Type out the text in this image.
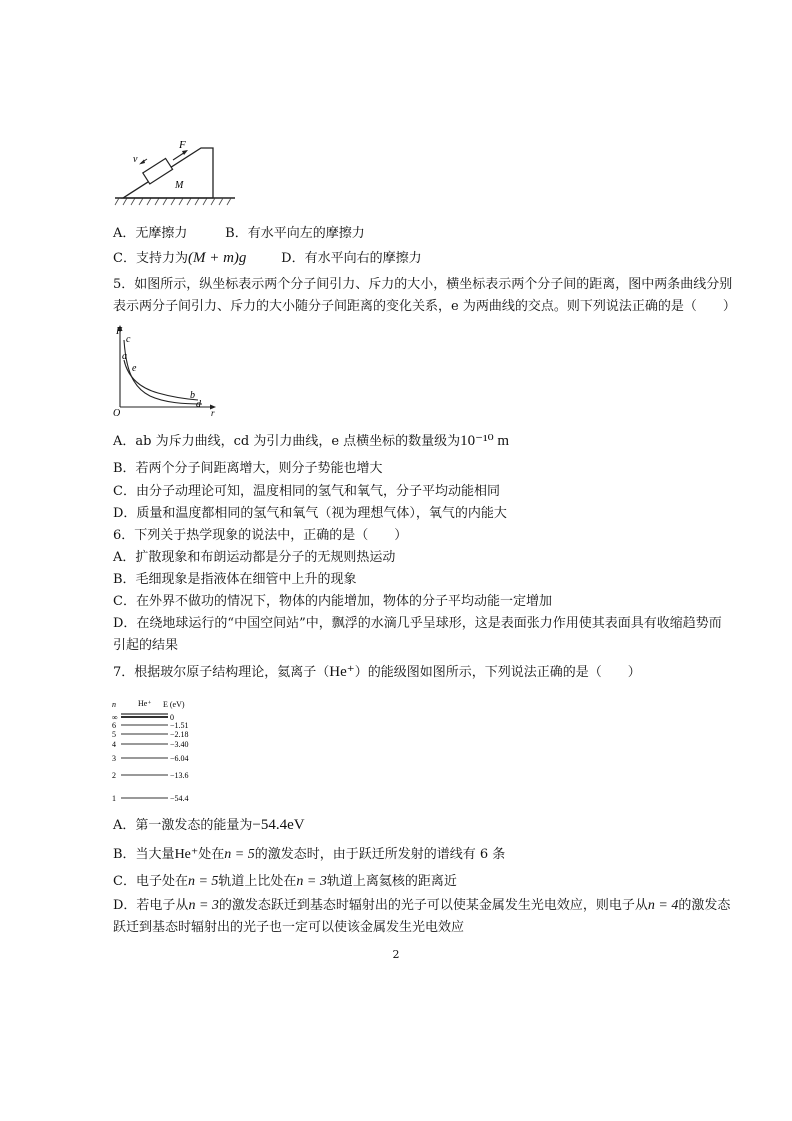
F
v
M
A．无摩擦力	B．有水平向左的摩擦力
C．支持力为(M + m)g	D．有水平向右的摩擦力
5．如图所示，纵坐标表示两个分子间引力、斥力的大小，横坐标表示两个分子间的距离，图中两条曲线分别
表示两分子间引力、斥力的大小随分子间距离的变化关系，e 为两曲线的交点。则下列说法正确的是（　　）
F
O	r
c
a
e
b
d
A．ab 为斥力曲线，cd 为引力曲线，e 点横坐标的数量级为10⁻¹⁰ m
B．若两个分子间距离增大，则分子势能也增大
C．由分子动理论可知，温度相同的氢气和氧气，分子平均动能相同
D．质量和温度都相同的氢气和氧气（视为理想气体），氧气的内能大
6．下列关于热学现象的说法中，正确的是（　　）
A．扩散现象和布朗运动都是分子的无规则热运动
B．毛细现象是指液体在细管中上升的现象
C．在外界不做功的情况下，物体的内能增加，物体的分子平均动能一定增加
D．在绕地球运行的“中国空间站”中，飘浮的水滴几乎呈球形，这是表面张力作用使其表面具有收缩趋势而
引起的结果
7．根据玻尔原子结构理论，氦离子（He⁺）的能级图如图所示，下列说法正确的是（　　）
n	He⁺ E (eV)
∞	0
6	−1.51
5	−2.18
4	−3.40
3	−6.04
2	−13.6
1	−54.4
A．第一激发态的能量为−54.4eV
B．当大量He⁺处在n = 5的激发态时，由于跃迁所发射的谱线有 6 条
C．电子处在n = 5轨道上比处在n = 3轨道上离氦核的距离近
D．若电子从n = 3的激发态跃迁到基态时辐射出的光子可以使某金属发生光电效应，则电子从n = 4的激发态
跃迁到基态时辐射出的光子也一定可以使该金属发生光电效应
2
